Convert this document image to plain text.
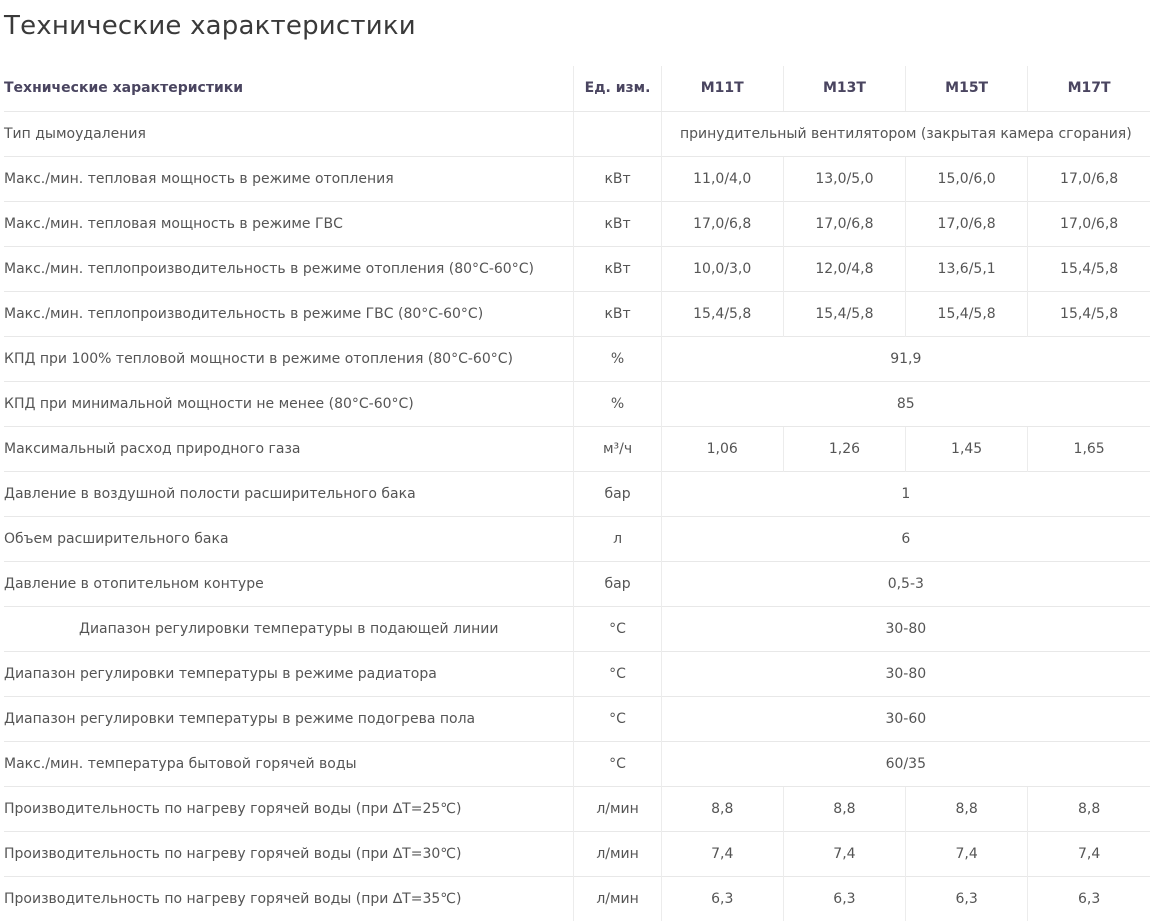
Технические характеристики
Технические характеристики	Ед. изм.	M11T	M13T	M15T	M17T
Тип дымоудаления		принудительный вентилятором (закрытая камера сгорания)			
Макс./мин. тепловая мощность в режиме отопления	кВт	11,0/4,0	13,0/5,0	15,0/6,0	17,0/6,8
Макс./мин. тепловая мощность в режиме ГВС	кВт	17,0/6,8	17,0/6,8	17,0/6,8	17,0/6,8
Макс./мин. теплопроизводительность в режиме отопления (80°С-60°С)	кВт	10,0/3,0	12,0/4,8	13,6/5,1	15,4/5,8
Макс./мин. теплопроизводительность в режиме ГВС (80°С-60°С)	кВт	15,4/5,8	15,4/5,8	15,4/5,8	15,4/5,8
КПД при 100% тепловой мощности в режиме отопления (80°С-60°С)	%	91,9			
КПД при минимальной мощности не менее (80°С-60°С)	%	85			
Максимальный расход природного газа	м³/ч	1,06	1,26	1,45	1,65
Давление в воздушной полости расширительного бака	бар	1			
Объем расширительного бака	л	6			
Давление в отопительном контуре	бар	0,5-3			
Диапазон регулировки температуры в подающей линии	°С	30-80			
Диапазон регулировки температуры в режиме радиатора	°С	30-80			
Диапазон регулировки температуры в режиме подогрева пола	°С	30-60			
Макс./мин. температура бытовой горячей воды	°С	60/35			
Производительность по нагреву горячей воды (при ∆T=25℃)	л/мин	8,8	8,8	8,8	8,8
Производительность по нагреву горячей воды (при ∆T=30℃)	л/мин	7,4	7,4	7,4	7,4
Производительность по нагреву горячей воды (при ∆T=35℃)	л/мин	6,3	6,3	6,3	6,3
